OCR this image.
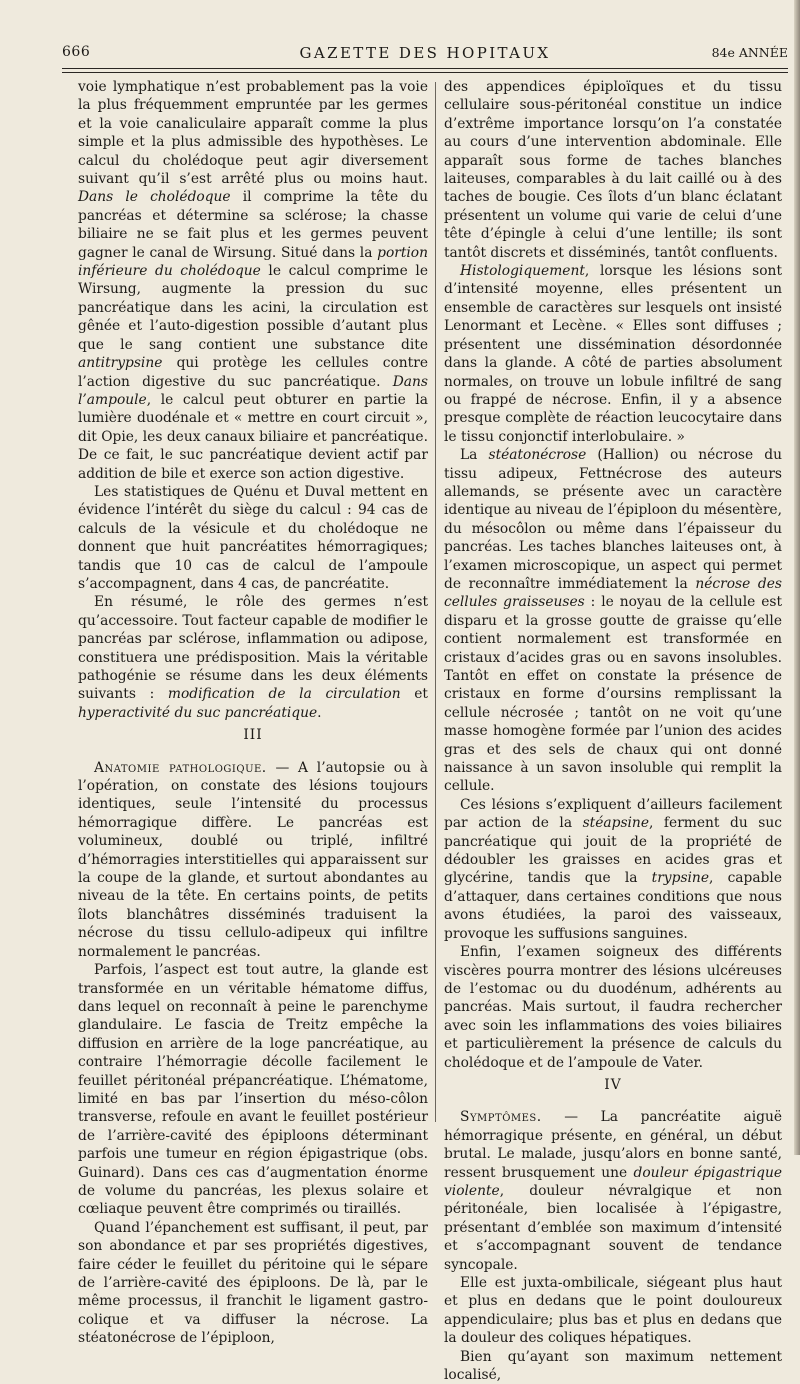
666	GAZETTE DES HOPITAUX	84e ANNÉE

voie lymphatique n’est probablement pas la voie la plus fréquemment empruntée par les germes et la voie canaliculaire apparaît comme la plus simple et la plus admissible des hypothèses. Le calcul du cholédoque peut agir diversement suivant qu’il s’est arrêté plus ou moins haut. Dans le cholédoque il comprime la tête du pancréas et détermine sa sclérose; la chasse biliaire ne se fait plus et les germes peuvent gagner le canal de Wirsung. Situé dans la portion inférieure du cholédoque le calcul comprime le Wirsung, augmente la pression du suc pancréatique dans les acini, la circulation est gênée et l’auto-digestion possible d’autant plus que le sang contient une substance dite antitrypsine qui protège les cellules contre l’action digestive du suc pancréatique. Dans l’ampoule, le calcul peut obturer en partie la lumière duodénale et « mettre en court circuit », dit Opie, les deux canaux biliaire et pancréatique. De ce fait, le suc pancréatique devient actif par addition de bile et exerce son action digestive.

Les statistiques de Quénu et Duval mettent en évidence l’intérêt du siège du calcul : 94 cas de calculs de la vésicule et du cholédoque ne donnent que huit pancréatites hémorragiques; tandis que 10 cas de calcul de l’ampoule s’accompagnent, dans 4 cas, de pancréatite.

En résumé, le rôle des germes n’est qu’accessoire. Tout facteur capable de modifier le pancréas par sclérose, inflammation ou adipose, constituera une prédisposition. Mais la véritable pathogénie se résume dans les deux éléments suivants : modification de la circulation et hyperactivité du suc pancréatique.

III

Anatomie pathologique. — A l’autopsie ou à l’opération, on constate des lésions toujours identiques, seule l’intensité du processus hémorragique diffère. Le pancréas est volumineux, doublé ou triplé, infiltré d’hémorragies interstitielles qui apparaissent sur la coupe de la glande, et surtout abondantes au niveau de la tête. En certains points, de petits îlots blanchâtres disséminés traduisent la nécrose du tissu cellulo-adipeux qui infiltre normalement le pancréas.

Parfois, l’aspect est tout autre, la glande est transformée en un véritable hématome diffus, dans lequel on reconnaît à peine le parenchyme glandulaire. Le fascia de Treitz empêche la diffusion en arrière de la loge pancréatique, au contraire l’hémorragie décolle facilement le feuillet péritonéal prépancréatique. L’hématome, limité en bas par l’insertion du méso-côlon transverse, refoule en avant le feuillet postérieur de l’arrière-cavité des épiploons déterminant parfois une tumeur en région épigastrique (obs. Guinard). Dans ces cas d’augmentation énorme de volume du pancréas, les plexus solaire et cœliaque peuvent être comprimés ou tiraillés.

Quand l’épanchement est suffisant, il peut, par son abondance et par ses propriétés digestives, faire céder le feuillet du péritoine qui le sépare de l’arrière-cavité des épiploons. De là, par le même processus, il franchit le ligament gastro-colique et va diffuser la nécrose. La stéatonécrose de l’épiploon,

des appendices épiploïques et du tissu cellulaire sous-péritonéal constitue un indice d’extrême importance lorsqu’on l’a constatée au cours d’une intervention abdominale. Elle apparaît sous forme de taches blanches laiteuses, comparables à du lait caillé ou à des taches de bougie. Ces îlots d’un blanc éclatant présentent un volume qui varie de celui d’une tête d’épingle à celui d’une lentille; ils sont tantôt discrets et disséminés, tantôt confluents.

Histologiquement, lorsque les lésions sont d’intensité moyenne, elles présentent un ensemble de caractères sur lesquels ont insisté Lenormant et Lecène. « Elles sont diffuses ; présentent une dissémination désordonnée dans la glande. A côté de parties absolument normales, on trouve un lobule infiltré de sang ou frappé de nécrose. Enfin, il y a absence presque complète de réaction leucocytaire dans le tissu conjonctif interlobulaire. »

La stéatonécrose (Hallion) ou nécrose du tissu adipeux, Fettnécrose des auteurs allemands, se présente avec un caractère identique au niveau de l’épiploon du mésentère, du mésocôlon ou même dans l’épaisseur du pancréas. Les taches blanches laiteuses ont, à l’examen microscopique, un aspect qui permet de reconnaître immédiatement la nécrose des cellules graisseuses : le noyau de la cellule est disparu et la grosse goutte de graisse qu’elle contient normalement est transformée en cristaux d’acides gras ou en savons insolubles. Tantôt en effet on constate la présence de cristaux en forme d’oursins remplissant la cellule nécrosée ; tantôt on ne voit qu’une masse homogène formée par l’union des acides gras et des sels de chaux qui ont donné naissance à un savon insoluble qui remplit la cellule.

Ces lésions s’expliquent d’ailleurs facilement par action de la stéapsine, ferment du suc pancréatique qui jouit de la propriété de dédoubler les graisses en acides gras et glycérine, tandis que la trypsine, capable d’attaquer, dans certaines conditions que nous avons étudiées, la paroi des vaisseaux, provoque les suffusions sanguines.

Enfin, l’examen soigneux des différents viscères pourra montrer des lésions ulcéreuses de l’estomac ou du duodénum, adhérents au pancréas. Mais surtout, il faudra rechercher avec soin les inflammations des voies biliaires et particulièrement la présence de calculs du cholédoque et de l’ampoule de Vater.

IV

Symptômes. — La pancréatite aiguë hémorragique présente, en général, un début brutal. Le malade, jusqu’alors en bonne santé, ressent brusquement une douleur épigastrique violente, douleur névralgique et non péritonéale, bien localisée à l’épigastre, présentant d’emblée son maximum d’intensité et s’accompagnant souvent de tendance syncopale.

Elle est juxta-ombilicale, siégeant plus haut et plus en dedans que le point douloureux appendiculaire; plus bas et plus en dedans que la douleur des coliques hépatiques.

Bien qu’ayant son maximum nettement localisé,
